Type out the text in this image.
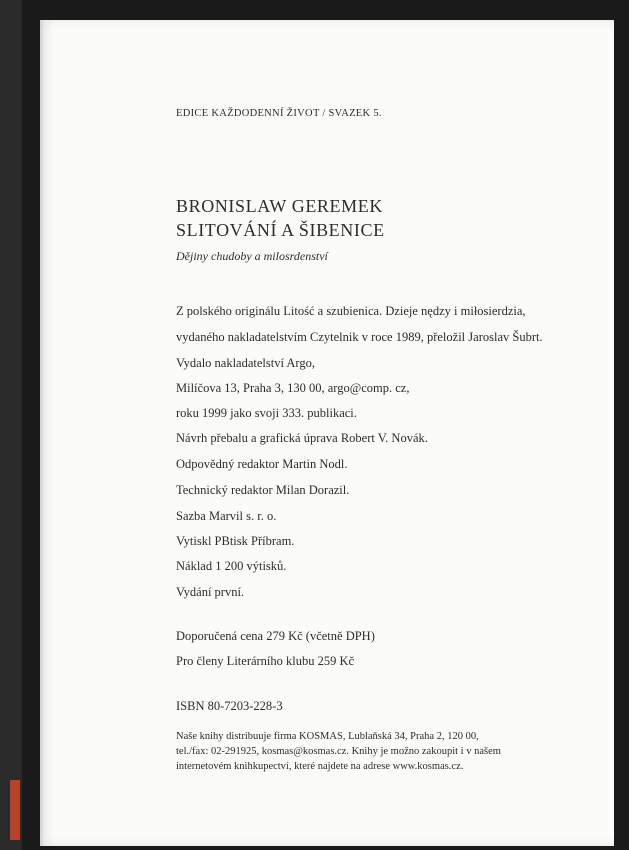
EDICE KAŽDODENNÍ ŽIVOT / SVAZEK 5.
BRONISLAW GEREMEK
SLITOVÁNÍ A ŠIBENICE
Dějiny chudoby a milosrdenství
Z polského originálu Litość a szubienica. Dzieje nędzy i miłosierdzia,
vydaného nakladatelstvím Czytelnik v roce 1989, přeložil Jaroslav Šubrt.
Vydalo nakladatelství Argo,
Milíčova 13, Praha 3, 130 00, argo@comp. cz,
roku 1999 jako svoji 333. publikaci.
Návrh přebalu a grafická úprava Robert V. Novák.
Odpovědný redaktor Martin Nodl.
Technický redaktor Milan Dorazil.
Sazba Marvil s. r. o.
Vytiskl PBtisk Příbram.
Náklad 1 200 výtisků.
Vydání první.
Doporučená cena 279 Kč (včetně DPH)
Pro členy Literárního klubu 259 Kč
ISBN 80-7203-228-3
Naše knihy distribuuje firma KOSMAS, Lublaňská 34, Praha 2, 120 00,
tel./fax: 02-291925, kosmas@kosmas.cz. Knihy je možno zakoupit i v našem
internetovém knihkupectví, které najdete na adrese www.kosmas.cz.
